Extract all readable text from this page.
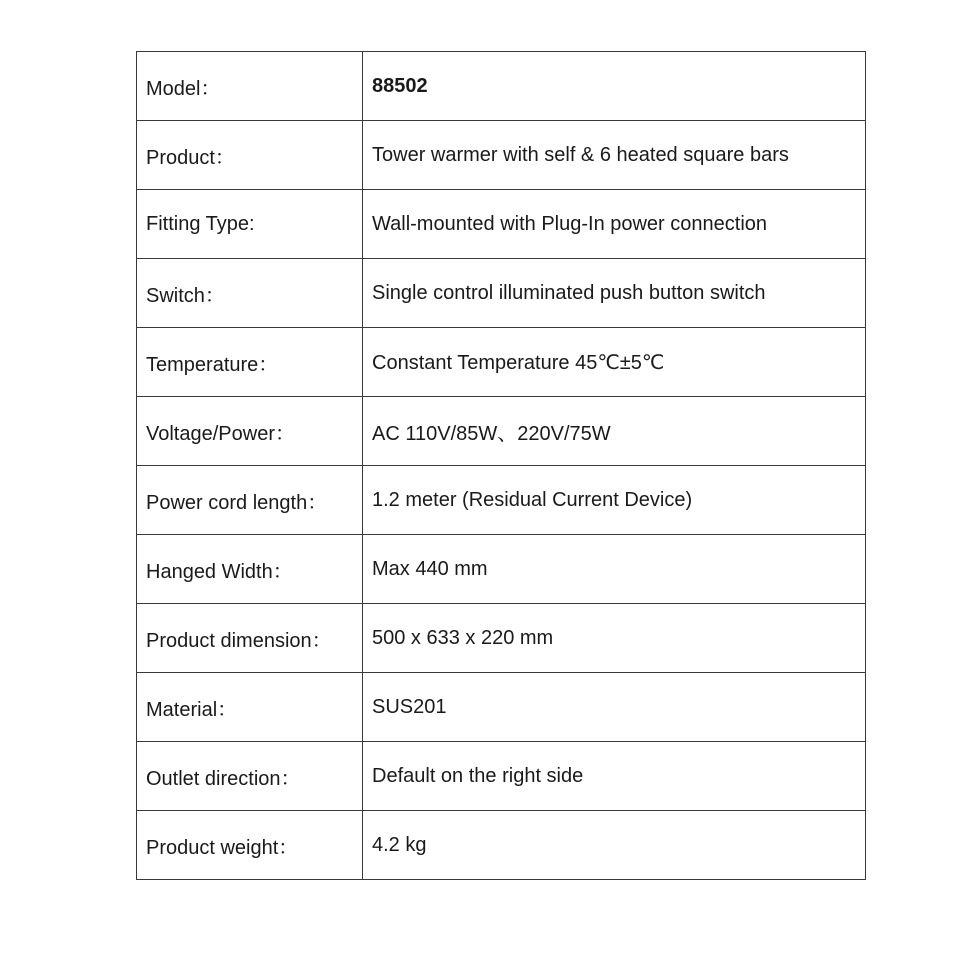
Model：	88502
Product：	Tower warmer with self & 6 heated square bars
Fitting Type:	Wall-mounted with Plug-In power connection
Switch：	Single control illuminated push button switch
Temperature：	Constant Temperature 45℃±5℃
Voltage/Power：	AC 110V/85W、220V/75W
Power cord length：	1.2 meter (Residual Current Device)
Hanged Width：	Max 440 mm
Product dimension：	500 x 633 x 220 mm
Material：	SUS201
Outlet direction：	Default on the right side
Product weight：	4.2 kg
